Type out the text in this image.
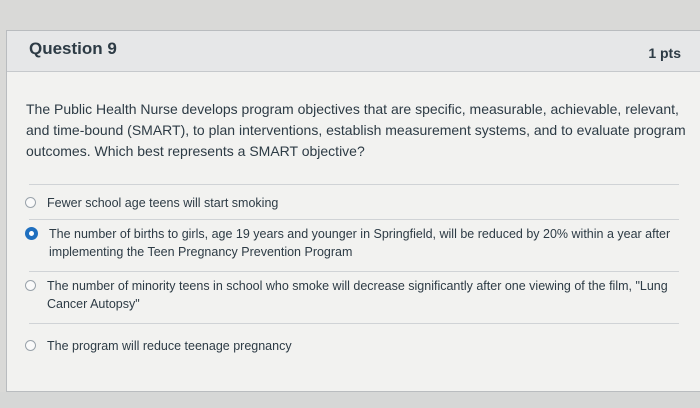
Question 9	1 pts

The Public Health Nurse develops program objectives that are specific, measurable, achievable, relevant, and time-bound (SMART), to plan interventions, establish measurement systems, and to evaluate program outcomes. Which best represents a SMART objective?

Fewer school age teens will start smoking
The number of births to girls, age 19 years and younger in Springfield, will be reduced by 20% within a year after implementing the Teen Pregnancy Prevention Program
The number of minority teens in school who smoke will decrease significantly after one viewing of the film, "Lung Cancer Autopsy"
The program will reduce teenage pregnancy
